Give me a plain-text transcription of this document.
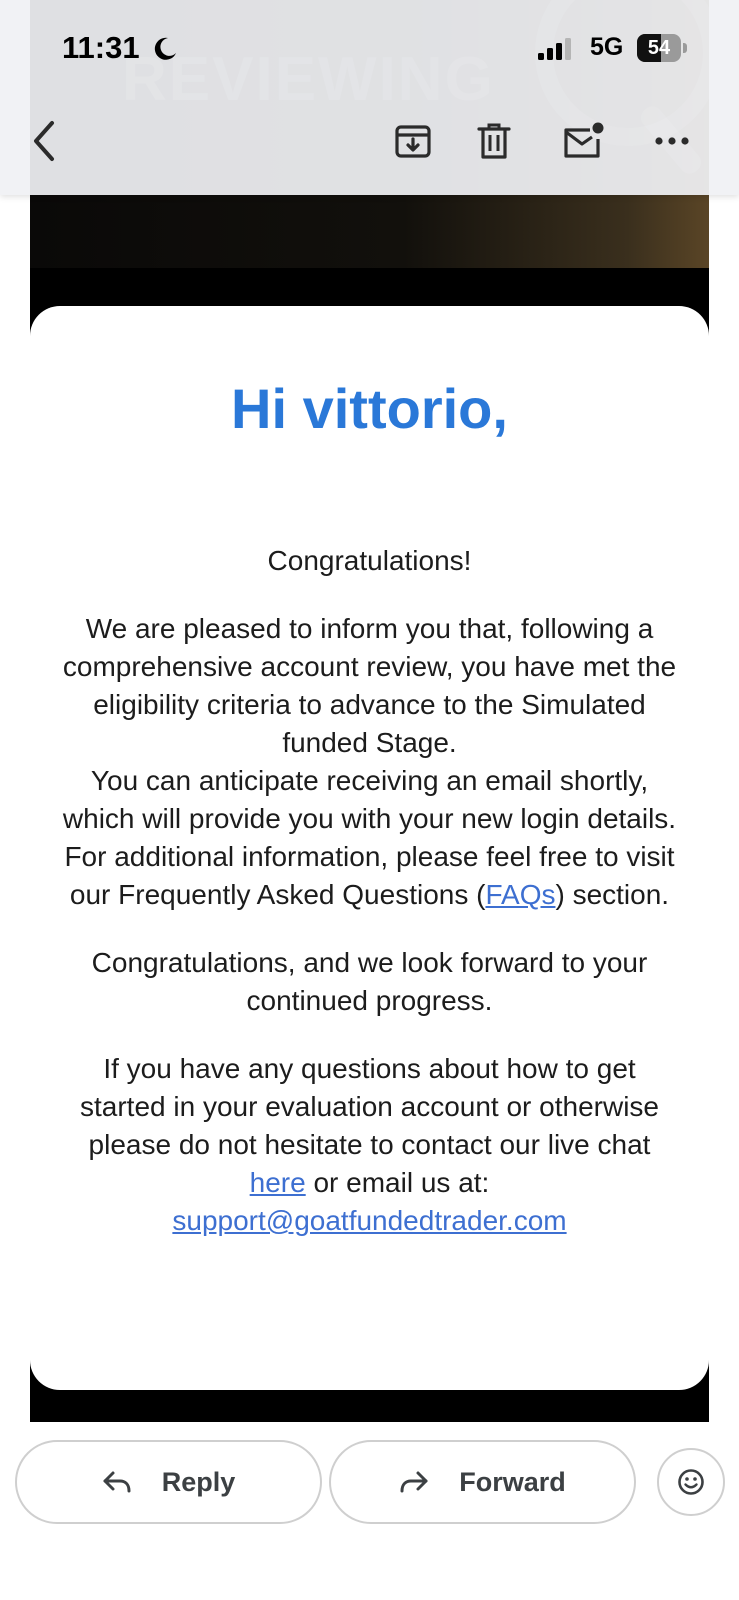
11:31	5G	54
Hi vittorio,

Congratulations!

We are pleased to inform you that, following a comprehensive account review, you have met the eligibility criteria to advance to the Simulated funded Stage.

You can anticipate receiving an email shortly, which will provide you with your new login details.

For additional information, please feel free to visit our Frequently Asked Questions (FAQs) section.

Congratulations, and we look forward to your continued progress.

If you have any questions about how to get started in your evaluation account or otherwise please do not hesitate to contact our live chat here or email us at:
support@goatfundedtrader.com

Reply	Forward
